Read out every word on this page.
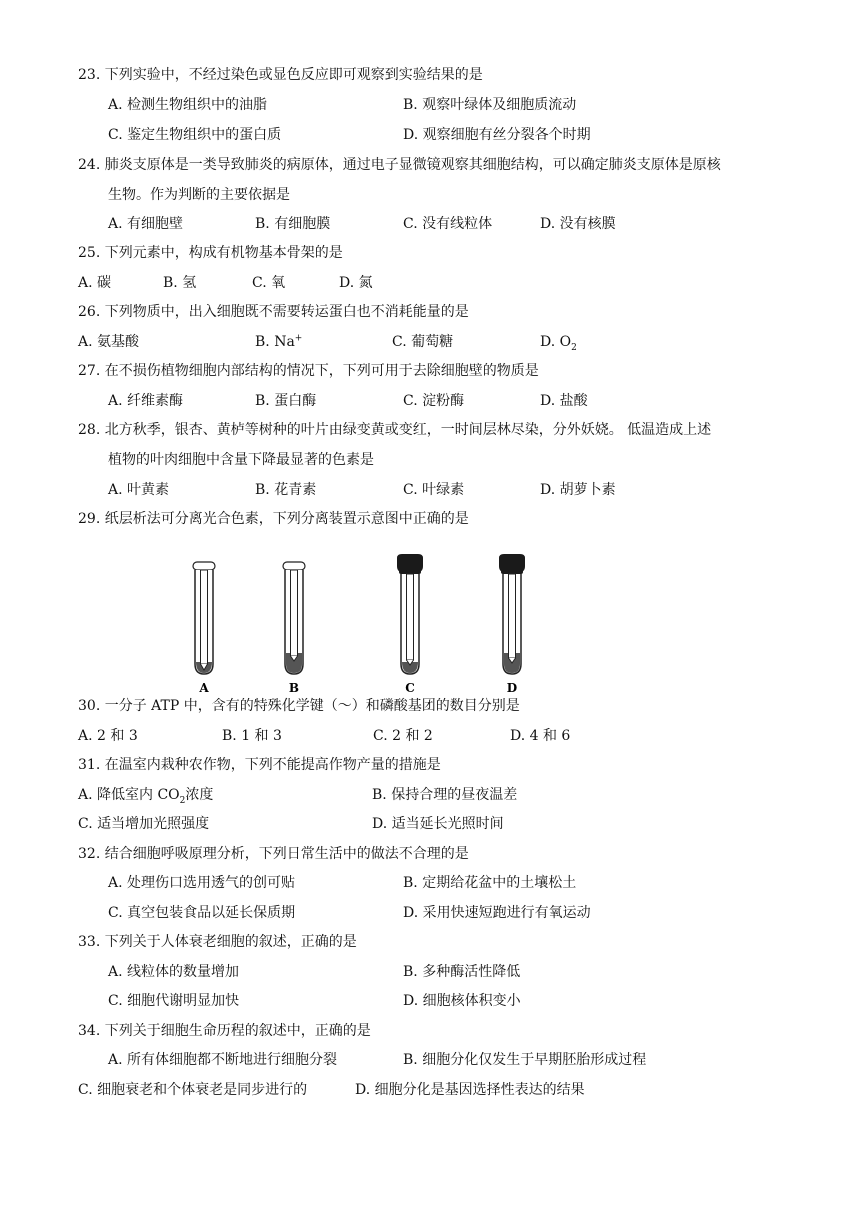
23. 下列实验中，不经过染色或显色反应即可观察到实验结果的是
A. 检测生物组织中的油脂	B. 观察叶绿体及细胞质流动
C. 鉴定生物组织中的蛋白质	D. 观察细胞有丝分裂各个时期
24. 肺炎支原体是一类导致肺炎的病原体，通过电子显微镜观察其细胞结构，可以确定肺炎支原体是原核
生物。作为判断的主要依据是
A. 有细胞壁	B. 有细胞膜	C. 没有线粒体	D. 没有核膜
25. 下列元素中，构成有机物基本骨架的是
A. 碳	B. 氢	C. 氧	D. 氮
26. 下列物质中，出入细胞既不需要转运蛋白也不消耗能量的是
A. 氨基酸	B. Na+	C. 葡萄糖	D. $O_2$
27. 在不损伤植物细胞内部结构的情况下，下列可用于去除细胞壁的物质是
A. 纤维素酶	B. 蛋白酶	C. 淀粉酶	D. 盐酸
28. 北方秋季，银杏、黄栌等树种的叶片由绿变黄或变红，一时间层林尽染，分外妖娆。 低温造成上述
植物的叶肉细胞中含量下降最显著的色素是
A. 叶黄素	B. 花青素	C. 叶绿素	D. 胡萝卜素
29. 纸层析法可分离光合色素，下列分离装置示意图中正确的是
A	B	C	D
30. 一分子 ATP 中，含有的特殊化学键（～）和磷酸基团的数目分别是
A. 2 和 3	B. 1 和 3	C. 2 和 2	D. 4 和 6
31. 在温室内栽种农作物，下列不能提高作物产量的措施是
A. 降低室内 $CO_2$浓度	B. 保持合理的昼夜温差
C. 适当增加光照强度	D. 适当延长光照时间
32. 结合细胞呼吸原理分析，下列日常生活中的做法不合理的是
A. 处理伤口选用透气的创可贴	B. 定期给花盆中的土壤松土
C. 真空包装食品以延长保质期	D. 采用快速短跑进行有氧运动
33. 下列关于人体衰老细胞的叙述，正确的是
A. 线粒体的数量增加	B. 多种酶活性降低
C. 细胞代谢明显加快	D. 细胞核体积变小
34. 下列关于细胞生命历程的叙述中，正确的是
A. 所有体细胞都不断地进行细胞分裂	B. 细胞分化仅发生于早期胚胎形成过程
C. 细胞衰老和个体衰老是同步进行的	D. 细胞分化是基因选择性表达的结果
